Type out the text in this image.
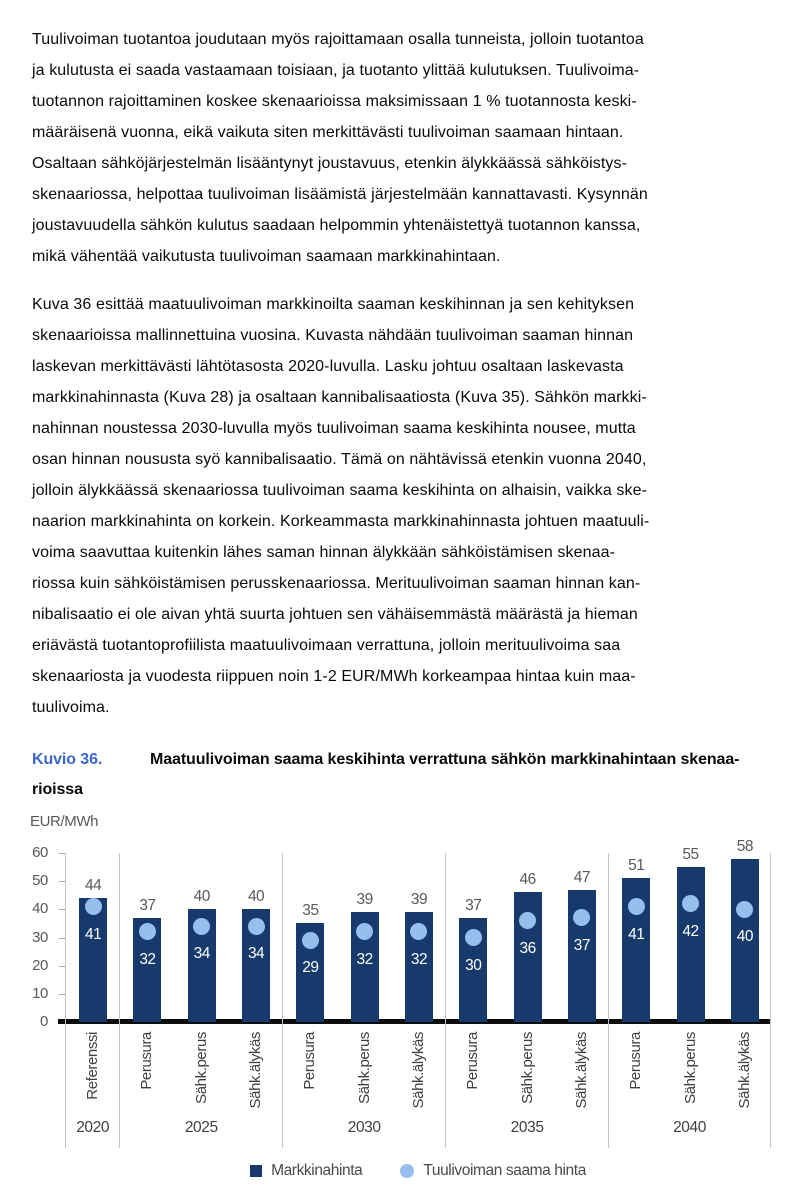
Tuulivoiman tuotantoa joudutaan myös rajoittamaan osalla tunneista, jolloin tuotantoa
ja kulutusta ei saada vastaamaan toisiaan, ja tuotanto ylittää kulutuksen. Tuulivoima-
tuotannon rajoittaminen koskee skenaarioissa maksimissaan 1 % tuotannosta keski-
määräisenä vuonna, eikä vaikuta siten merkittävästi tuulivoiman saamaan hintaan.
Osaltaan sähköjärjestelmän lisääntynyt joustavuus, etenkin älykkäässä sähköistys-
skenaariossa, helpottaa tuulivoiman lisäämistä järjestelmään kannattavasti. Kysynnän
joustavuudella sähkön kulutus saadaan helpommin yhtenäistettyä tuotannon kanssa,
mikä vähentää vaikutusta tuulivoiman saamaan markkinahintaan.
Kuva 36 esittää maatuulivoiman markkinoilta saaman keskihinnan ja sen kehityksen
skenaarioissa mallinnettuina vuosina. Kuvasta nähdään tuulivoiman saaman hinnan
laskevan merkittävästi lähtötasosta 2020-luvulla. Lasku johtuu osaltaan laskevasta
markkinahinnasta (Kuva 28) ja osaltaan kannibalisaatiosta (Kuva 35). Sähkön markki-
nahinnan noustessa 2030-luvulla myös tuulivoiman saama keskihinta nousee, mutta
osan hinnan noususta syö kannibalisaatio. Tämä on nähtävissä etenkin vuonna 2040,
jolloin älykkäässä skenaariossa tuulivoiman saama keskihinta on alhaisin, vaikka ske-
naarion markkinahinta on korkein. Korkeammasta markkinahinnasta johtuen maatuuli-
voima saavuttaa kuitenkin lähes saman hinnan älykkään sähköistämisen skenaa-
riossa kuin sähköistämisen perusskenaariossa. Merituulivoiman saaman hinnan kan-
nibalisaatio ei ole aivan yhtä suurta johtuen sen vähäisemmästä määrästä ja hieman
eriävästä tuotantoprofiilista maatuulivoimaan verrattuna, jolloin merituulivoima saa
skenaariosta ja vuodesta riippuen noin 1-2 EUR/MWh korkeampaa hintaa kuin maa-
tuulivoima.
Kuvio 36.	Maatuulivoiman saama keskihinta verrattuna sähkön markkinahintaan skenaa-
rioissa
EUR/MWh
60
50
40
30
20
10
0
44
41
Referenssi
2020
37
32
Perusura
40
34
Sähk.perus
40
34
Sähk.älykäs
2025
35
29
Perusura
39
32
Sähk.perus
39
32
Sähk.älykäs
2030
37
30
Perusura
46
36
Sähk.perus
47
37
Sähk.älykäs
2035
51
41
Perusura
55
42
Sähk.perus
58
40
Sähk.älykäs
2040
Markkinahinta	Tuulivoiman saama hinta
